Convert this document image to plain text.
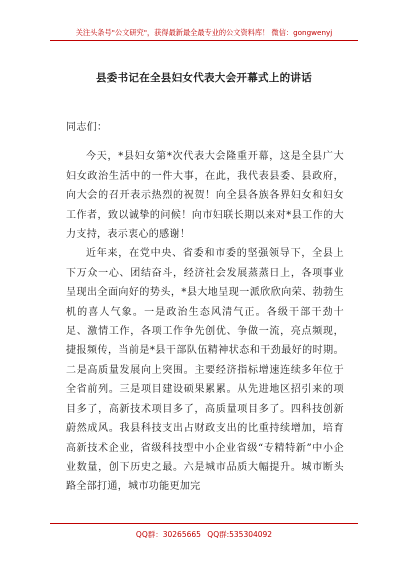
关注头条号"公文研究"，获得最新最全最专业的公文资料库！ 微信：gongwenyj
县委书记在全县妇女代表大会开幕式上的讲话

同志们：

今天，*县妇女第*次代表大会隆重开幕，这是全县广大妇女政治生活中的一件大事，在此，我代表县委、县政府，向大会的召开表示热烈的祝贺！向全县各族各界妇女和妇女工作者，致以诚挚的问候！向市妇联长期以来对*县工作的大力支持，表示衷心的感谢！

近年来，在党中央、省委和市委的坚强领导下，全县上下万众一心、团结奋斗，经济社会发展蒸蒸日上，各项事业呈现出全面向好的势头，*县大地呈现一派欣欣向荣、勃勃生机的喜人气象。一是政治生态风清气正。各级干部干劲十足、激情工作，各项工作争先创优、争做一流，亮点频现，捷报频传，当前是*县干部队伍精神状态和干劲最好的时期。二是高质量发展向上突围。主要经济指标增速连续多年位于全省前列。三是项目建设硕果累累。从先进地区招引来的项目多了，高新技术项目多了，高质量项目多了。四科技创新蔚然成风。我县科技支出占财政支出的比重持续增加，培育高新技术企业，省级科技型中小企业省级“专精特新”中小企业数量，创下历史之最。六是城市品质大幅提升。城市断头路全部打通，城市功能更加完

QQ群：30265665 QQ群:535304092
